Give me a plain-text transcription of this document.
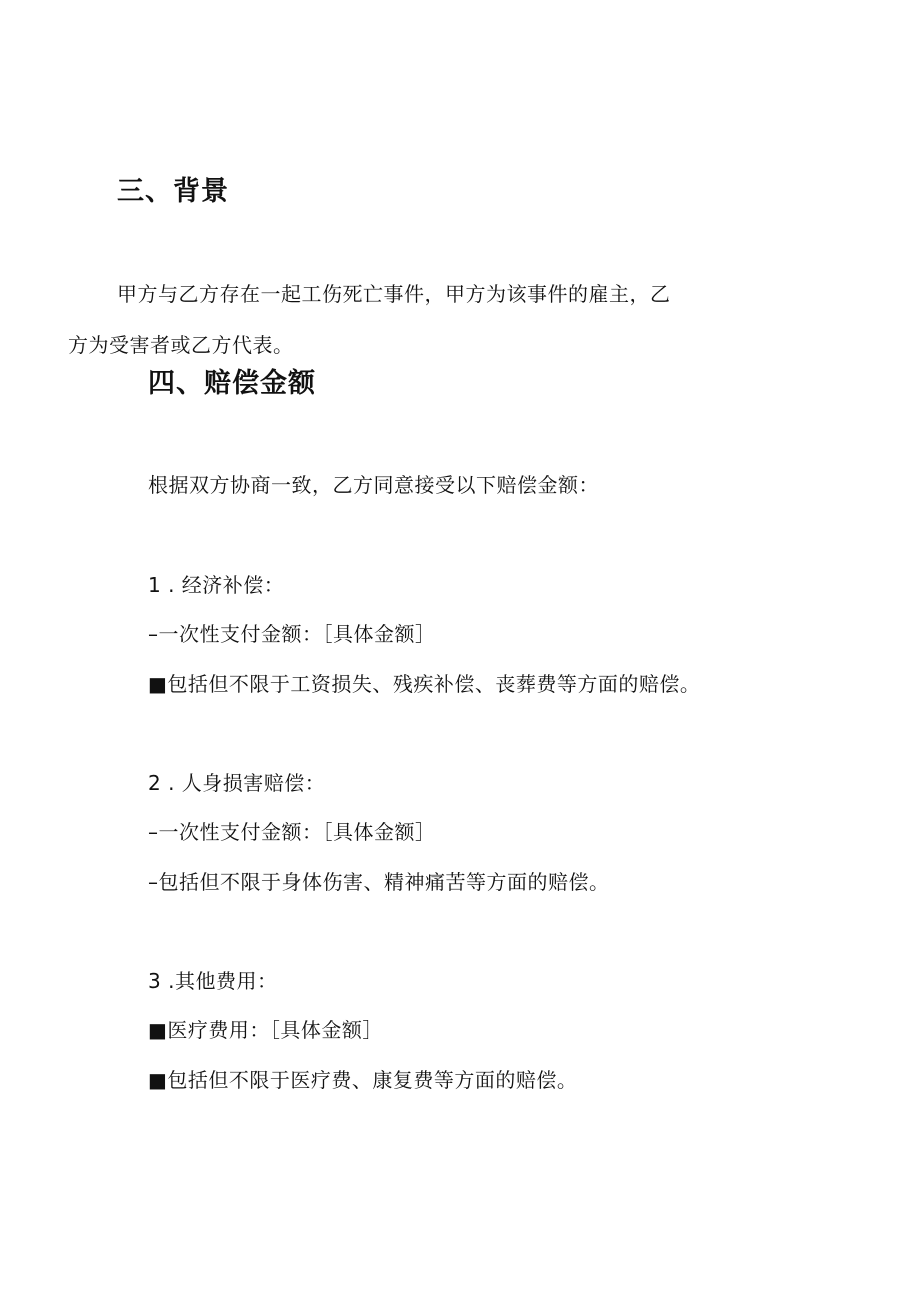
三、背景
甲方与乙方存在一起工伤死亡事件，甲方为该事件的雇主，乙
方为受害者或乙方代表。
四、赔偿金额
根据双方协商一致，乙方同意接受以下赔偿金额：
1 . 经济补偿：
–一次性支付金额：［具体金额］
■包括但不限于工资损失、残疾补偿、丧葬费等方面的赔偿。
2 . 人身损害赔偿：
–一次性支付金额：［具体金额］
–包括但不限于身体伤害、精神痛苦等方面的赔偿。
3 .其他费用：
■医疗费用：［具体金额］
■包括但不限于医疗费、康复费等方面的赔偿。
